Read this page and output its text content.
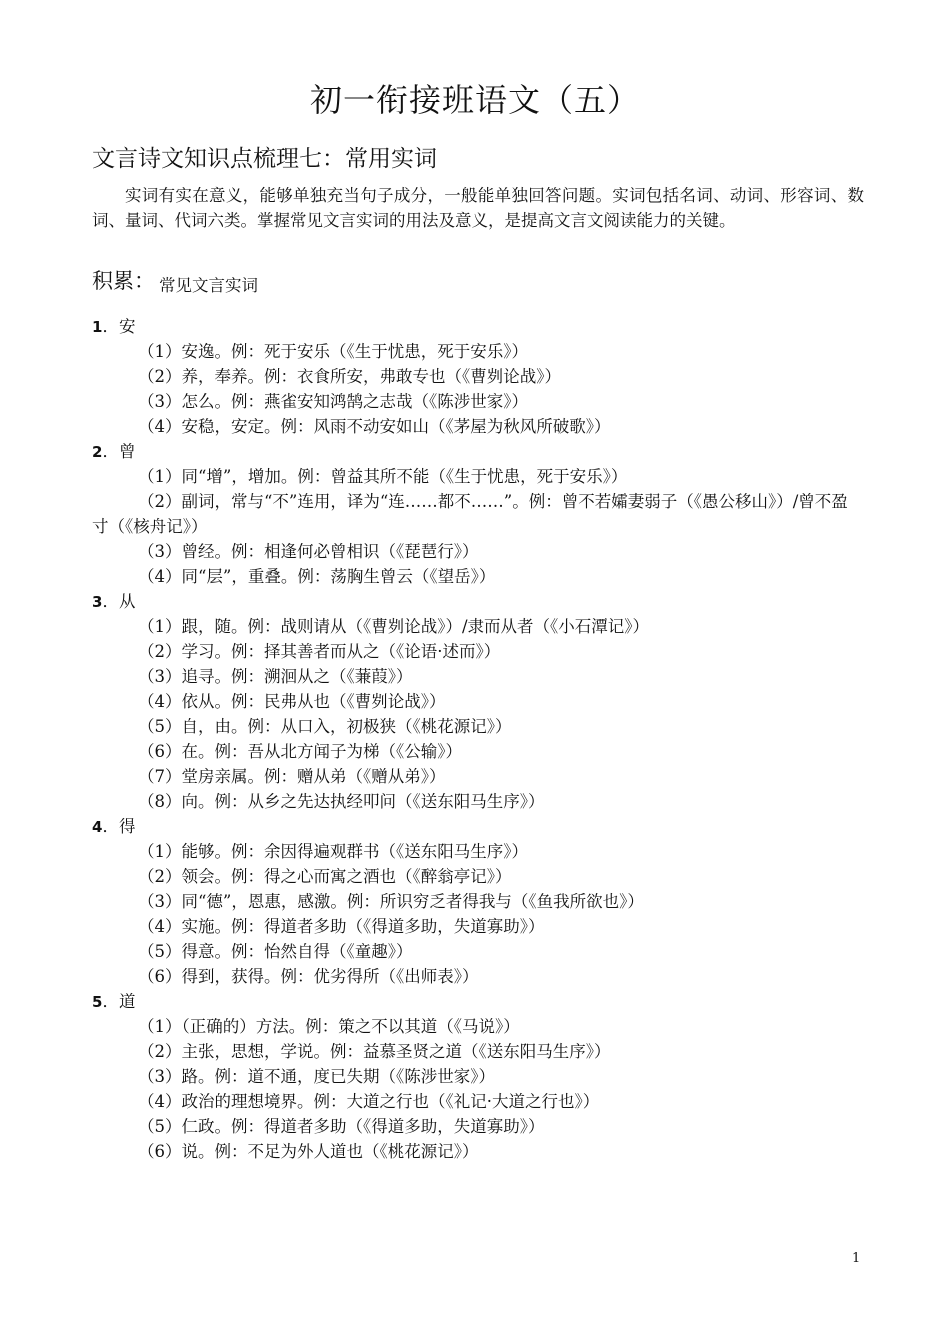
初一衔接班语文（五）
文言诗文知识点梳理七：常用实词
实词有实在意义，能够单独充当句子成分，一般能单独回答问题。实词包括名词、动词、形容词、数词、量词、代词六类。掌握常见文言实词的用法及意义，是提高文言文阅读能力的关键。
积累： 常见文言实词
1．安
（1）安逸。例：死于安乐（《生于忧患，死于安乐》）
（2）养，奉养。例：衣食所安，弗敢专也（《曹刿论战》）
（3）怎么。例：燕雀安知鸿鹄之志哉（《陈涉世家》）
（4）安稳，安定。例：风雨不动安如山（《茅屋为秋风所破歌》）
2．曾
（1）同“增”，增加。例：曾益其所不能（《生于忧患，死于安乐》）
（2）副词，常与“不”连用，译为“连……都不……”。例：曾不若孀妻弱子（《愚公移山》）/曾不盈寸（《核舟记》）
（3）曾经。例：相逢何必曾相识（《琵琶行》）
（4）同“层”，重叠。例：荡胸生曾云（《望岳》）
3．从
（1）跟，随。例：战则请从（《曹刿论战》）/隶而从者（《小石潭记》）
（2）学习。例：择其善者而从之（《论语·述而》）
（3）追寻。例：溯洄从之（《蒹葭》）
（4）依从。例：民弗从也（《曹刿论战》）
（5）自，由。例：从口入，初极狭（《桃花源记》）
（6）在。例：吾从北方闻子为梯（《公输》）
（7）堂房亲属。例：赠从弟（《赠从弟》）
（8）向。例：从乡之先达执经叩问（《送东阳马生序》）
4．得
（1）能够。例：余因得遍观群书（《送东阳马生序》）
（2）领会。例：得之心而寓之酒也（《醉翁亭记》）
（3）同“德”，恩惠，感激。例：所识穷乏者得我与（《鱼我所欲也》）
（4）实施。例：得道者多助（《得道多助，失道寡助》）
（5）得意。例：怡然自得（《童趣》）
（6）得到，获得。例：优劣得所（《出师表》）
5．道
（1）（正确的）方法。例：策之不以其道（《马说》）
（2）主张，思想，学说。例：益慕圣贤之道（《送东阳马生序》）
（3）路。例：道不通，度已失期（《陈涉世家》）
（4）政治的理想境界。例：大道之行也（《礼记·大道之行也》）
（5）仁政。例：得道者多助（《得道多助，失道寡助》）
（6）说。例：不足为外人道也（《桃花源记》）
1
